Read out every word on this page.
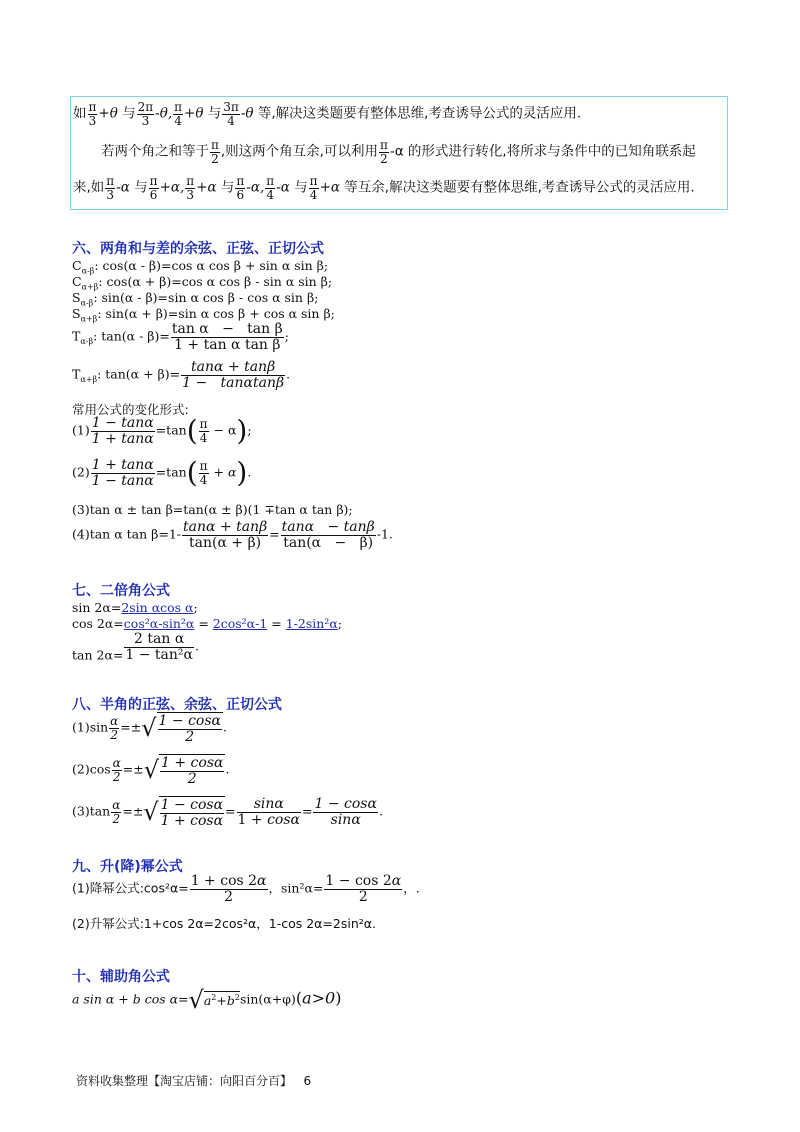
如 $\frac{\pi}{3} +\theta$ 与 $\frac{2\pi}{3} -\theta$, $\frac{\pi}{4} +\theta$ 与 $\frac{3\pi}{4} -\theta$ 等,解决这类题要有整体思维,考查诱导公式的灵活应用.
若两个角之和等于 $\frac{\pi}{2}$ ,则这两个角互余,可以利用 $\frac{\pi}{2} -\alpha$ 的形式进行转化,将所求与条件中的已知角联系起
来,如 $\frac{\pi}{3} -\alpha$ 与 $\frac{\pi}{6} +\alpha$, $\frac{\pi}{3} +\alpha$ 与 $\frac{\pi}{6} -\alpha$, $\frac{\pi}{4} -\alpha$ 与 $\frac{\pi}{4} +\alpha$ 等互余,解决这类题要有整体思维,考查诱导公式的灵活应用.
六、两角和与差的余弦、正弦、正切公式
$C_{\alpha-\beta}$: cos(α - β)=cos α cos β + sin α sin β;
$C_{\alpha+\beta}$: cos(α + β)=cos α cos β - sin α sin β;
$S_{\alpha-\beta}$: sin(α - β)=sin α cos β - cos α sin β;
$S_{\alpha+\beta}$: sin(α + β)=sin α cos β + cos α sin β;
$T_{\alpha-\beta}$: $\tan(\alpha - \beta)= \frac{\text{tan α   −   tan β}}{\text{1 + tan α tan β}}$ ;
$T_{\alpha+\beta}$: $\tan(\alpha + \beta)= \frac{\tan\alpha + \tan\beta}{1 - \tan\alpha\tan\beta}$ .
常用公式的变化形式:
$(1) \frac{1 - \tan\alpha}{1 + \tan\alpha} =\tan( \frac{\pi}{4} - \alpha)$;
$(2) \frac{1 + \tan\alpha}{1 - \tan\alpha} =\tan( \frac{\pi}{4} + \alpha)$.
(3)tan α ± tan β=tan(α ± β)(1 ∓tan α tan β);
(4)tan α $\tan \beta=1- \frac{\tan\alpha + \tan\beta}{\tan(\alpha + \beta)} = \frac{\tan\alpha - \tan\beta}{\tan(\alpha - \beta)} -1$.
七、二倍角公式
sin 2α=2sin αcos α;
cos 2α=cos²α-sin²α = 2cos²α-1 = 1-2sin²α;
$\tan 2\alpha= \frac{\text{2 tan α}}{\text{1 − tan²α}}$ .
八、半角的正弦、余弦、正切公式
$(1)\sin \frac{\alpha}{2}$ =±√ $\frac{1 - \cos\alpha}{2}$ .
$(2)\cos \frac{\alpha}{2}$ =±√ $\frac{1 + \cos\alpha}{2}$ .
$(3)\tan \frac{\alpha}{2}$ =±√ $\frac{1 - \cos\alpha}{1 + \cos\alpha} = \frac{\sin\alpha}{1 + \cos\alpha} = \frac{1 - \cos\alpha}{\sin\alpha}$ .
九、升(降)幂公式
(1)降幂公式:cos²α= $\frac{1 + \cos 2\alpha}{2}$ ，$\sin^2\alpha= \frac{1 - \cos 2\alpha}{2}$ ，.
(2)升幂公式:1+cos 2α=2cos²α，1-cos 2α=2sin²α.
十、辅助角公式
a sin α + b $\cos \alpha=√a^2+b^2\sin(\alpha+\varphi)(a>0)$
资料收集整理【淘宝店铺：向阳百分百】 6
